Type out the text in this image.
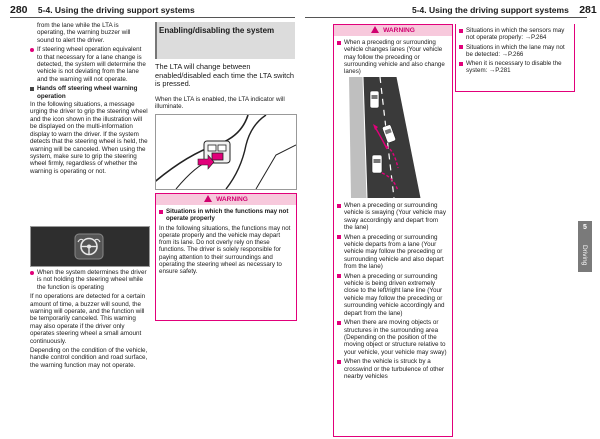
280 5-4. Using the driving support systems	5-4. Using the driving support systems 281

from the lane while the LTA is operating, the warning buzzer will sound to alert the driver.

If steering wheel operation equivalent to that necessary for a lane change is detected, the system will determine the vehicle is not deviating from the lane and the warning will not operate.
Hands off steering wheel warning operation

In the following situations, a message urging the driver to grip the steering wheel and the icon shown in the illustration will be displayed on the multi-information display to warn the driver. If the system detects that the steering wheel is held, the warning will be canceled. When using the system, make sure to grip the steering wheel firmly, regardless of whether the warning is operating or not.

When the system determines the driver is not holding the steering wheel while the function is operating

If no operations are detected for a certain amount of time, a buzzer will sound, the warning will operate, and the function will be temporarily canceled. This warning may also operate if the driver only operates steering wheel a small amount continuously.

Depending on the condition of the vehicle, handle control condition and road surface, the warning function may not operate.

Enabling/disabling the system

The LTA will change between enabled/disabled each time the LTA switch is pressed.

When the LTA is enabled, the LTA indicator will illuminate.

WARNING
Situations in which the functions may not operate properly

In the following situations, the functions may not operate properly and the vehicle may depart from its lane. Do not overly rely on these functions. The driver is solely responsible for paying attention to their surroundings and operating the steering wheel as necessary to ensure safety.

WARNING
When a preceding or surrounding vehicle changes lanes (Your vehicle may follow the preceding or surrounding vehicle and also change lanes)
When a preceding or surrounding vehicle is swaying (Your vehicle may sway accordingly and depart from the lane)
When a preceding or surrounding vehicle departs from a lane (Your vehicle may follow the preceding or surrounding vehicle and also depart from the lane)
When a preceding or surrounding vehicle is being driven extremely close to the left/right lane line (Your vehicle may follow the preceding or surrounding vehicle accordingly and depart from the lane)
When there are moving objects or structures in the surrounding area (Depending on the position of the moving object or structure relative to your vehicle, your vehicle may sway)
When the vehicle is struck by a crosswind or the turbulence of other nearby vehicles
Situations in which the sensors may not operate properly: →P.264
Situations in which the lane may not be detected: →P.266
When it is necessary to disable the system: →P.281
5
Driving
